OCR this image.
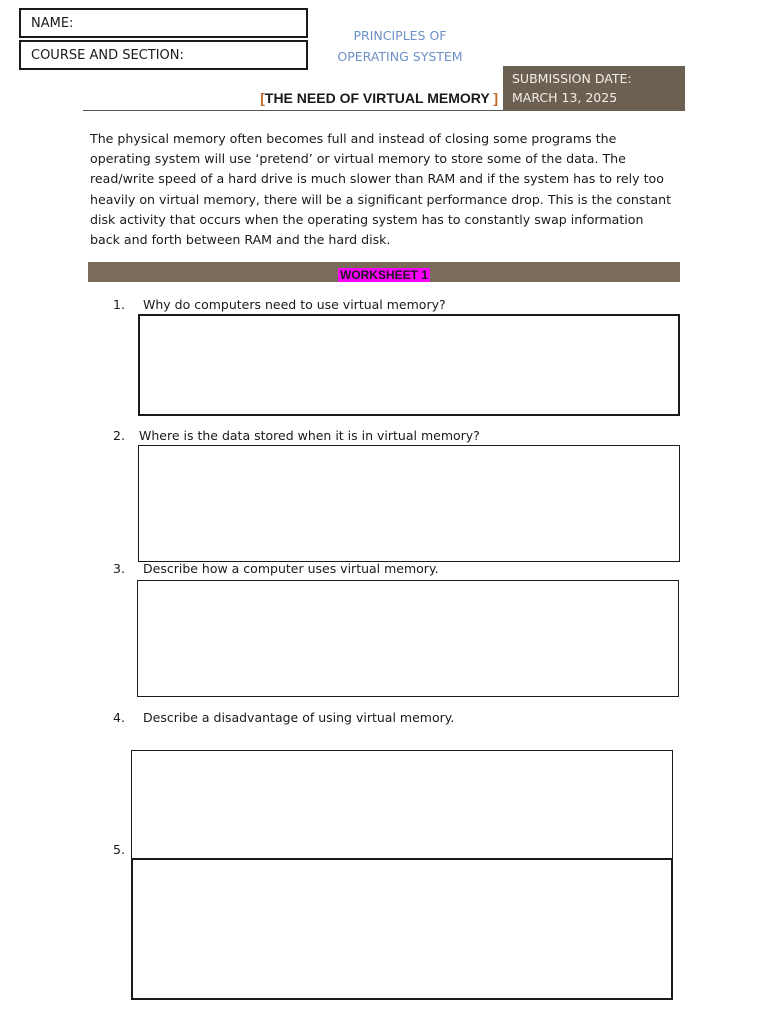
NAME:
COURSE AND SECTION:
PRINCIPLES OF
OPERATING SYSTEM
SUBMISSION DATE:
MARCH 13, 2025
[THE NEED OF VIRTUAL MEMORY ]
The physical memory often becomes full and instead of closing some programs the operating system will use ‘pretend’ or virtual memory to store some of the data. The read/write speed of a hard drive is much slower than RAM and if the system has to rely too heavily on virtual memory, there will be a significant performance drop. This is the constant disk activity that occurs when the operating system has to constantly swap information back and forth between RAM and the hard disk.
WORKSHEET 1
1. Why do computers need to use virtual memory?
2. Where is the data stored when it is in virtual memory?
3. Describe how a computer uses virtual memory.
4. Describe a disadvantage of using virtual memory.
5.
